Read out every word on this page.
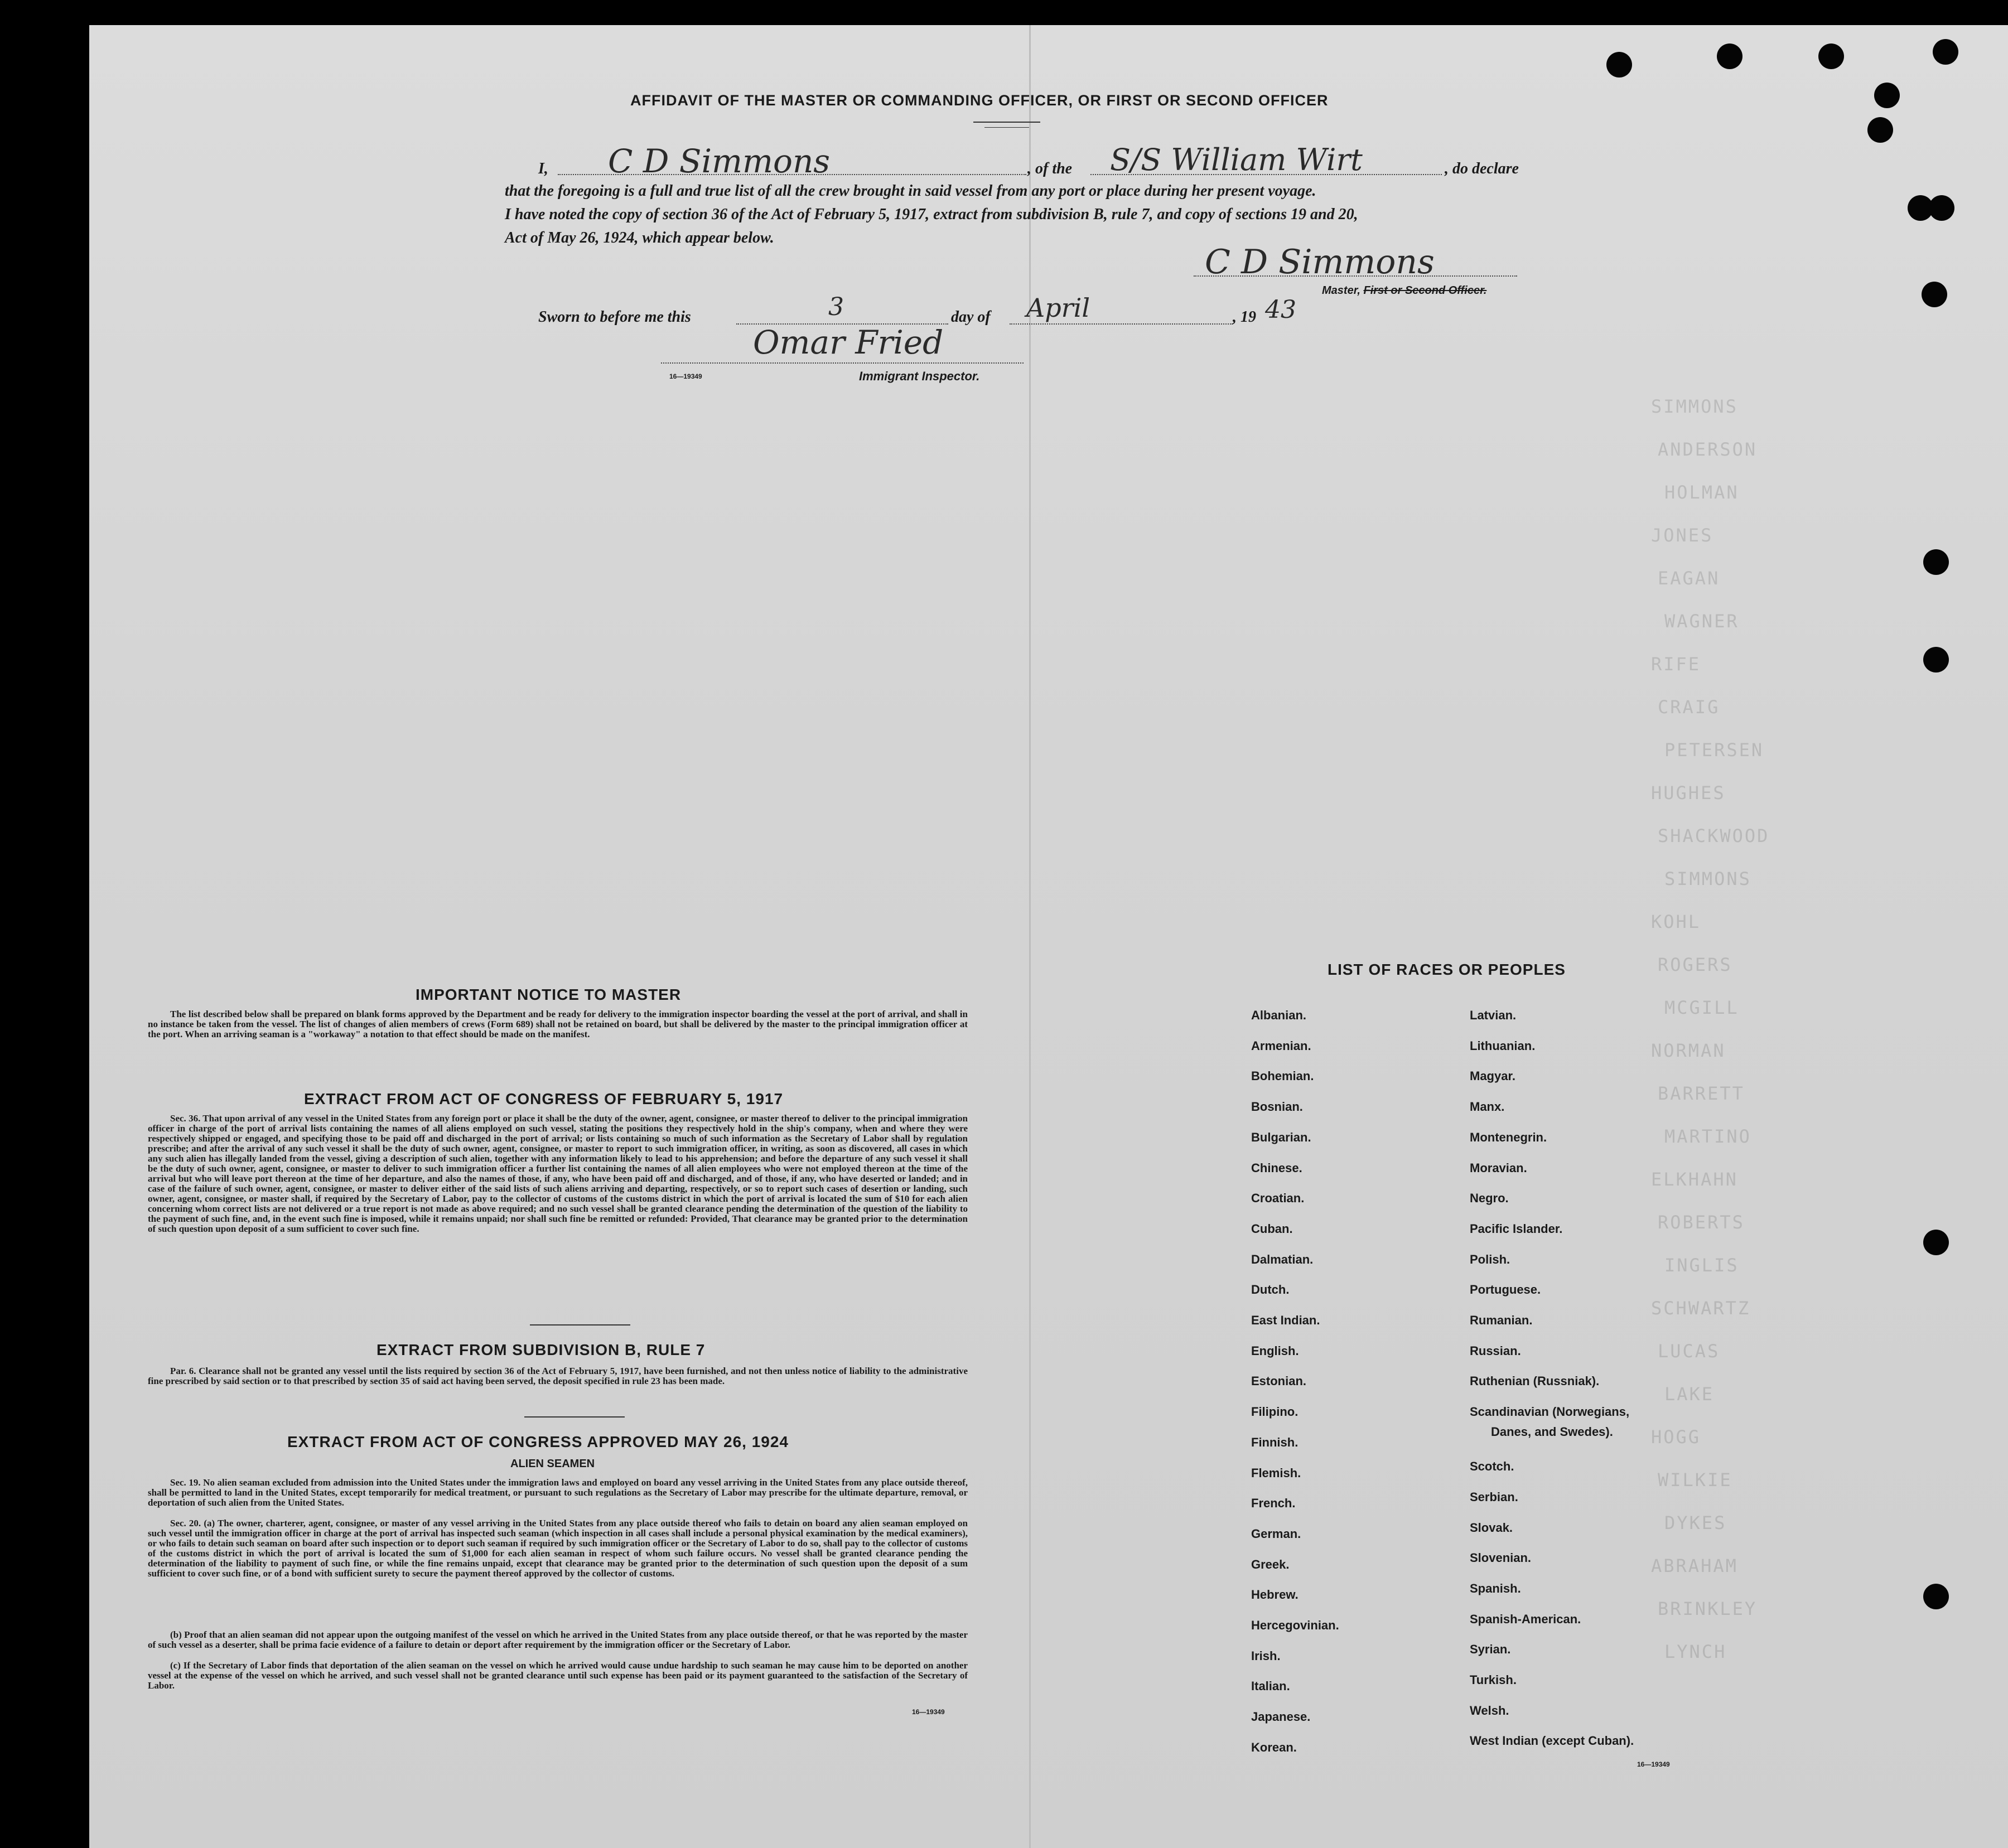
SIMMONS
ANDERSON
HOLMAN
JONES
EAGAN
WAGNER
RIFE
CRAIG
PETERSEN
HUGHES
SHACKWOOD
SIMMONS
KOHL
ROGERS
MCGILL
NORMAN
BARRETT
MARTINO
ELKHAHN
ROBERTS
INGLIS
SCHWARTZ
LUCAS
LAKE
HOGG
WILKIE
DYKES
ABRAHAM
BRINKLEY
LYNCH
AFFIDAVIT OF THE MASTER OR COMMANDING OFFICER, OR FIRST OR SECOND OFFICER
I, C D Simmons	, of the S/S William Wirt	, do declare
that the foregoing is a full and true list of all the crew brought in said vessel from any port or place during her present voyage.
I have noted the copy of section 36 of the Act of February 5, 1917, extract from subdivision B, rule 7, and copy of sections 19 and 20,
Act of May 26, 1924, which appear below.
C D Simmons
Master, First or Second Officer.
Sworn to before me this	3	day of April	, 19 43
Omar Fried
16—19349	Immigrant Inspector.
IMPORTANT NOTICE TO MASTER
The list described below shall be prepared on blank forms approved by the Department and be ready for delivery to the immigration inspector boarding the vessel at the port of arrival, and shall in no instance be taken from the vessel. The list of changes of alien members of crews (Form 689) shall not be retained on board, but shall be delivered by the master to the principal immigration officer at the port. When an arriving seaman is a "workaway" a notation to that effect should be made on the manifest.
EXTRACT FROM ACT OF CONGRESS OF FEBRUARY 5, 1917
Sec. 36. That upon arrival of any vessel in the United States from any foreign port or place it shall be the duty of the owner, agent, consignee, or master thereof to deliver to the principal immigration officer in charge of the port of arrival lists containing the names of all aliens employed on such vessel, stating the positions they respectively hold in the ship's company, when and where they were respectively shipped or engaged, and specifying those to be paid off and discharged in the port of arrival; or lists containing so much of such information as the Secretary of Labor shall by regulation prescribe; and after the arrival of any such vessel it shall be the duty of such owner, agent, consignee, or master to report to such immigration officer, in writing, as soon as discovered, all cases in which any such alien has illegally landed from the vessel, giving a description of such alien, together with any information likely to lead to his apprehension; and before the departure of any such vessel it shall be the duty of such owner, agent, consignee, or master to deliver to such immigration officer a further list containing the names of all alien employees who were not employed thereon at the time of the arrival but who will leave port thereon at the time of her departure, and also the names of those, if any, who have been paid off and discharged, and of those, if any, who have deserted or landed; and in case of the failure of such owner, agent, consignee, or master to deliver either of the said lists of such aliens arriving and departing, respectively, or so to report such cases of desertion or landing, such owner, agent, consignee, or master shall, if required by the Secretary of Labor, pay to the collector of customs of the customs district in which the port of arrival is located the sum of $10 for each alien concerning whom correct lists are not delivered or a true report is not made as above required; and no such vessel shall be granted clearance pending the determination of the question of the liability to the payment of such fine, and, in the event such fine is imposed, while it remains unpaid; nor shall such fine be remitted or refunded: Provided, That clearance may be granted prior to the determination of such question upon deposit of a sum sufficient to cover such fine.
EXTRACT FROM SUBDIVISION B, RULE 7
Par. 6. Clearance shall not be granted any vessel until the lists required by section 36 of the Act of February 5, 1917, have been furnished, and not then unless notice of liability to the administrative fine prescribed by said section or to that prescribed by section 35 of said act having been served, the deposit specified in rule 23 has been made.
EXTRACT FROM ACT OF CONGRESS APPROVED MAY 26, 1924
ALIEN SEAMEN
Sec. 19. No alien seaman excluded from admission into the United States under the immigration laws and employed on board any vessel arriving in the United States from any place outside thereof, shall be permitted to land in the United States, except temporarily for medical treatment, or pursuant to such regulations as the Secretary of Labor may prescribe for the ultimate departure, removal, or deportation of such alien from the United States.
Sec. 20. (a) The owner, charterer, agent, consignee, or master of any vessel arriving in the United States from any place outside thereof who fails to detain on board any alien seaman employed on such vessel until the immigration officer in charge at the port of arrival has inspected such seaman (which inspection in all cases shall include a personal physical examination by the medical examiners), or who fails to detain such seaman on board after such inspection or to deport such seaman if required by such immigration officer or the Secretary of Labor to do so, shall pay to the collector of customs of the customs district in which the port of arrival is located the sum of $1,000 for each alien seaman in respect of whom such failure occurs. No vessel shall be granted clearance pending the determination of the liability to payment of such fine, or while the fine remains unpaid, except that clearance may be granted prior to the determination of such question upon the deposit of a sum sufficient to cover such fine, or of a bond with sufficient surety to secure the payment thereof approved by the collector of customs.
(b) Proof that an alien seaman did not appear upon the outgoing manifest of the vessel on which he arrived in the United States from any place outside thereof, or that he was reported by the master of such vessel as a deserter, shall be prima facie evidence of a failure to detain or deport after requirement by the immigration officer or the Secretary of Labor.
(c) If the Secretary of Labor finds that deportation of the alien seaman on the vessel on which he arrived would cause undue hardship to such seaman he may cause him to be deported on another vessel at the expense of the vessel on which he arrived, and such vessel shall not be granted clearance until such expense has been paid or its payment guaranteed to the satisfaction of the Secretary of Labor.
16—19349
LIST OF RACES OR PEOPLES
Albanian.
Armenian.
Bohemian.
Bosnian.
Bulgarian.
Chinese.
Croatian.
Cuban.
Dalmatian.
Dutch.
East Indian.
English.
Estonian.
Filipino.
Finnish.
Flemish.
French.
German.
Greek.
Hebrew.
Hercegovinian.
Irish.
Italian.
Japanese.
Korean.
Latvian.
Lithuanian.
Magyar.
Manx.
Montenegrin.
Moravian.
Negro.
Pacific Islander.
Polish.
Portuguese.
Rumanian.
Russian.
Ruthenian (Russniak).
Scandinavian (Norwegians,
Danes, and Swedes).
Scotch.
Serbian.
Slovak.
Slovenian.
Spanish.
Spanish-American.
Syrian.
Turkish.
Welsh.
West Indian (except Cuban).
16—19349
